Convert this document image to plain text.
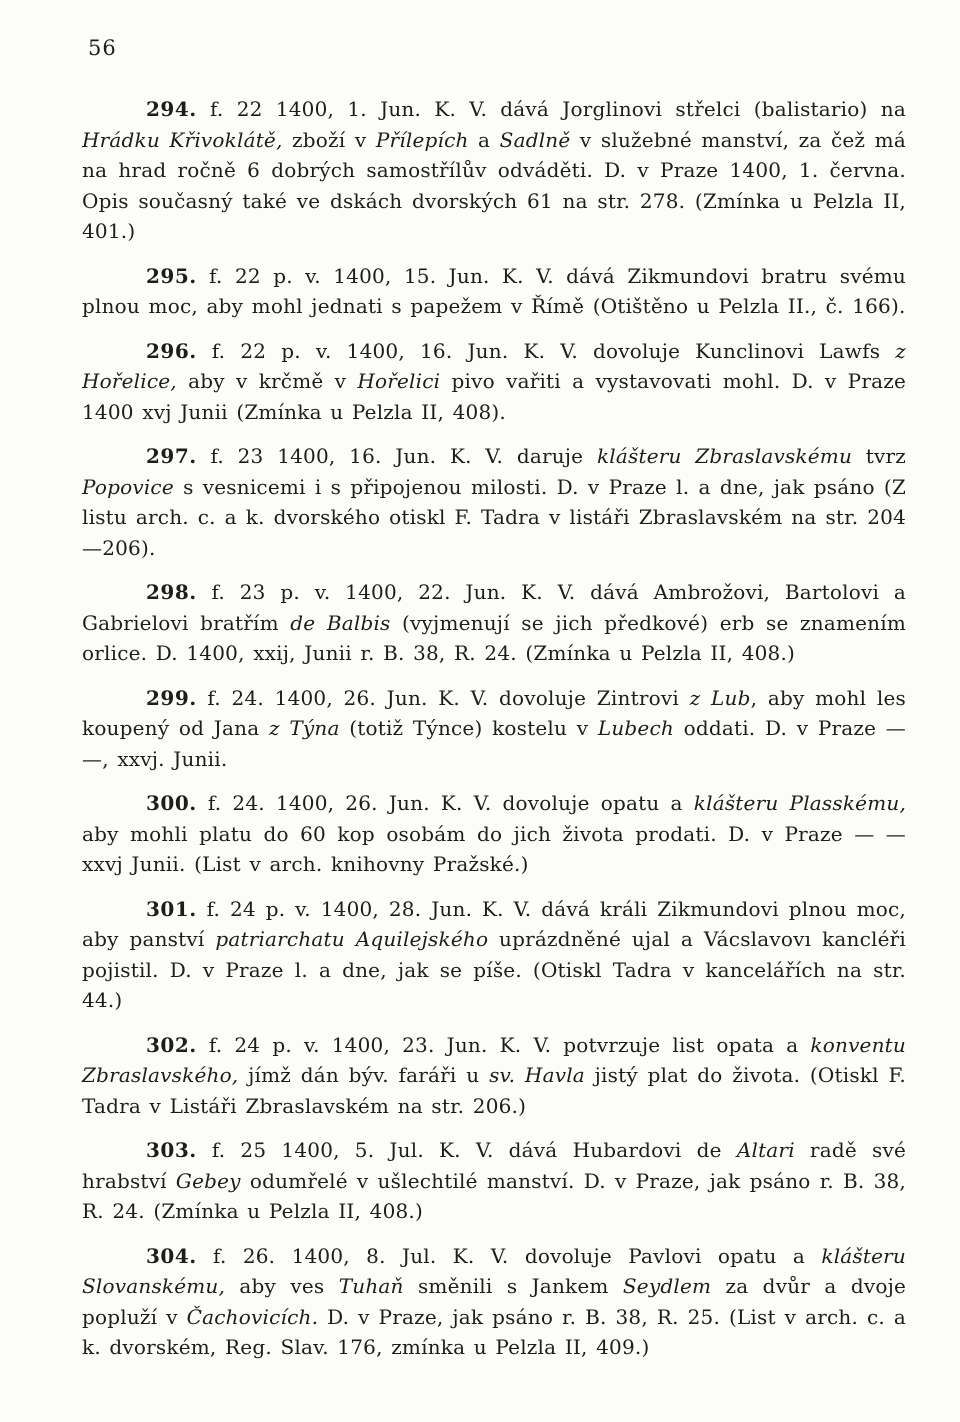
56

294. f. 22 1400, 1. Jun. K. V. dává Jorglinovi střelci (balistario) na Hrádku Křivoklátě, zboží v Přílepích a Sadlně v služebné manství, za čež má na hrad ročně 6 dobrých samostřílův odváděti. D. v Praze 1400, 1. června. Opis současný také ve dskách dvorských 61 na str. 278. (Zmínka u Pelzla II, 401.)

295. f. 22 p. v. 1400, 15. Jun. K. V. dává Zikmundovi bratru svému plnou moc, aby mohl jednati s papežem v Římě (Otištěno u Pelzla II., č. 166).

296. f. 22 p. v. 1400, 16. Jun. K. V. dovoluje Kunclinovi Lawfs z Hořelice, aby v krčmě v Hořelici pivo vařiti a vystavovati mohl. D. v Praze 1400 xvj Junii (Zmínka u Pelzla II, 408).

297. f. 23 1400, 16. Jun. K. V. daruje klášteru Zbraslavskému tvrz Popovice s vesnicemi i s připojenou milosti. D. v Praze l. a dne, jak psáno (Z listu arch. c. a k. dvorského otiskl F. Tadra v listáři Zbraslavském na str. 204—206).

298. f. 23 p. v. 1400, 22. Jun. K. V. dává Ambrožovi, Bartolovi a Gabrielovi bratřím de Balbis (vyjmenují se jich předkové) erb se znamením orlice. D. 1400, xxij, Junii r. B. 38, R. 24. (Zmínka u Pelzla II, 408.)

299. f. 24. 1400, 26. Jun. K. V. dovoluje Zintrovi z Lub, aby mohl les koupený od Jana z Týna (totiž Týnce) kostelu v Lubech oddati. D. v Praze — —, xxvj. Junii.

300. f. 24. 1400, 26. Jun. K. V. dovoluje opatu a klášteru Plasskému, aby mohli platu do 60 kop osobám do jich života prodati. D. v Praze — — xxvj Junii. (List v arch. knihovny Pražské.)

301. f. 24 p. v. 1400, 28. Jun. K. V. dává králi Zikmundovi plnou moc, aby panství patriarchatu Aquilejského uprázdněné ujal a Vácslavovı kancléři pojistil. D. v Praze l. a dne, jak se píše. (Otiskl Tadra v kancelářích na str. 44.)

302. f. 24 p. v. 1400, 23. Jun. K. V. potvrzuje list opata a konventu Zbraslavského, jímž dán býv. faráři u sv. Havla jistý plat do života. (Otiskl F. Tadra v Listáři Zbraslavském na str. 206.)

303. f. 25 1400, 5. Jul. K. V. dává Hubardovi de Altari radě své hrabství Gebey odumřelé v ušlechtilé manství. D. v Praze, jak psáno r. B. 38, R. 24. (Zmínka u Pelzla II, 408.)

304. f. 26. 1400, 8. Jul. K. V. dovoluje Pavlovi opatu a klášteru Slovanskému, aby ves Tuhaň směnili s Jankem Seydlem za dvůr a dvoje popluží v Čachovicích. D. v Praze, jak psáno r. B. 38, R. 25. (List v arch. c. a k. dvorském, Reg. Slav. 176, zmínka u Pelzla II, 409.)
